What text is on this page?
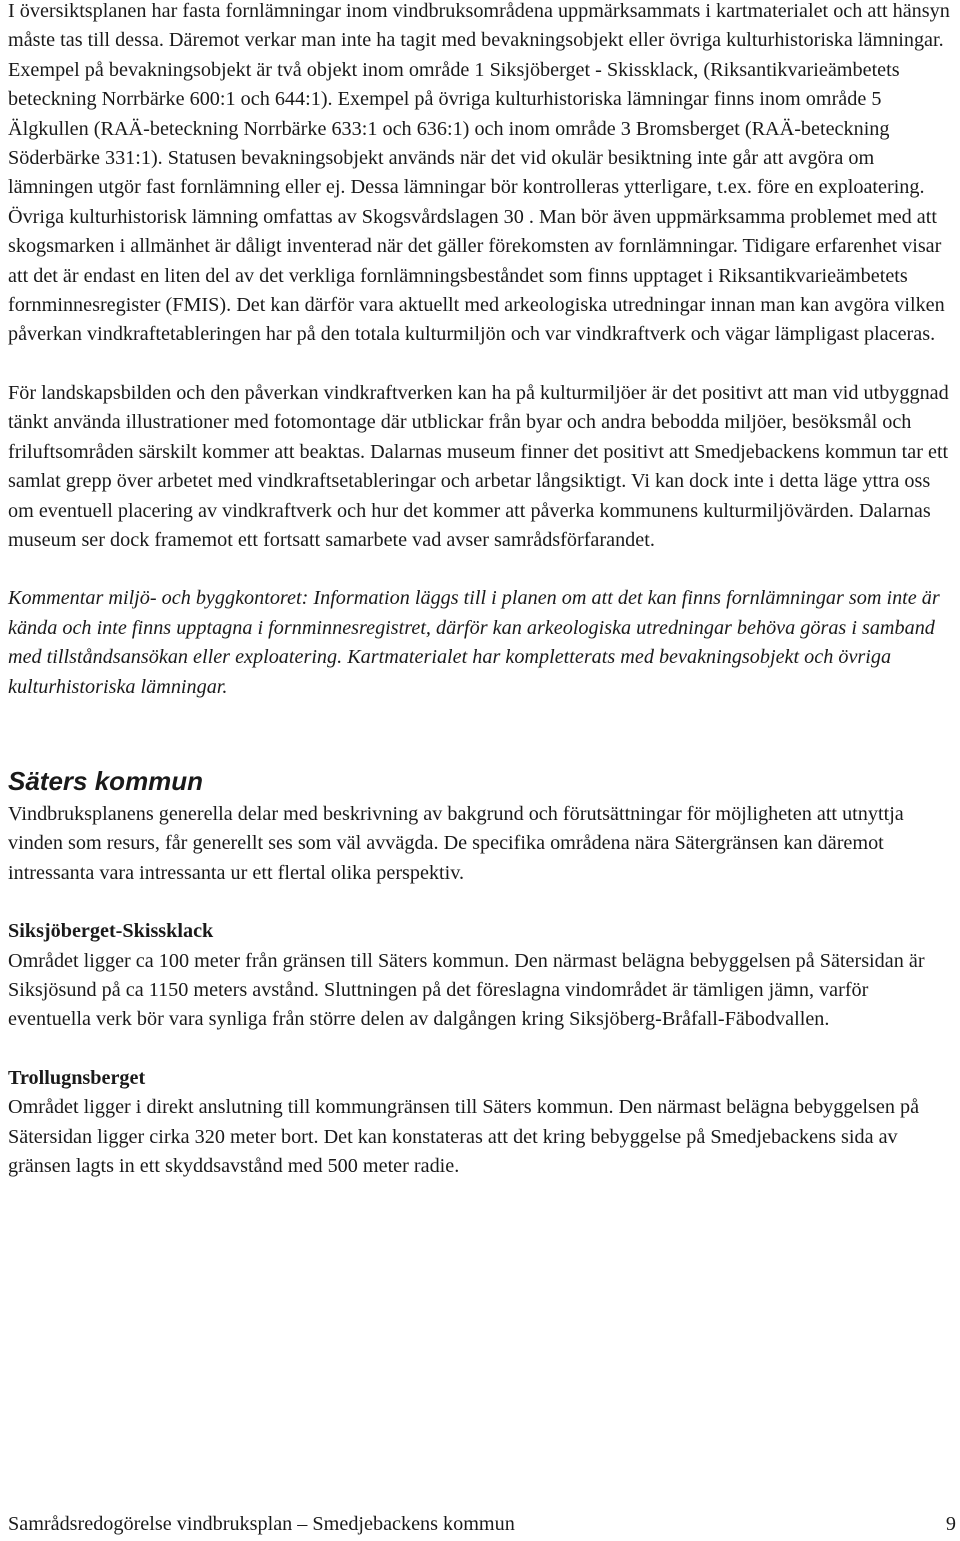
I översiktsplanen har fasta fornlämningar inom vindbruksområdena uppmärksammats i kartmaterialet och att hänsyn måste tas till dessa. Däremot verkar man inte ha tagit med bevakningsobjekt eller övriga kulturhistoriska lämningar. Exempel på bevakningsobjekt är två objekt inom område 1 Siksjöberget - Skissklack, (Riksantikvarieämbetets beteckning Norrbärke 600:1 och 644:1). Exempel på övriga kulturhistoriska lämningar finns inom område 5 Älgkullen (RAÄ-beteckning Norrbärke 633:1 och 636:1) och inom område 3 Bromsberget (RAÄ-beteckning Söderbärke 331:1). Statusen bevakningsobjekt används när det vid okulär besiktning inte går att avgöra om lämningen utgör fast fornlämning eller ej. Dessa lämningar bör kontrolleras ytterligare, t.ex. före en exploatering. Övriga kulturhistorisk lämning omfattas av Skogsvårdslagen 30 . Man bör även uppmärksamma problemet med att skogsmarken i allmänhet är dåligt inventerad när det gäller förekomsten av fornlämningar. Tidigare erfarenhet visar att det är endast en liten del av det verkliga fornlämningsbeståndet som finns upptaget i Riksantikvarieämbetets fornminnesregister (FMIS). Det kan därför vara aktuellt med arkeologiska utredningar innan man kan avgöra vilken påverkan vindkraftetableringen har på den totala kulturmiljön och var vindkraftverk och vägar lämpligast placeras.

För landskapsbilden och den påverkan vindkraftverken kan ha på kulturmiljöer är det positivt att man vid utbyggnad tänkt använda illustrationer med fotomontage där utblickar från byar och andra bebodda miljöer, besöksmål och friluftsområden särskilt kommer att beaktas. Dalarnas museum finner det positivt att Smedjebackens kommun tar ett samlat grepp över arbetet med vindkraftsetableringar och arbetar långsiktigt. Vi kan dock inte i detta läge yttra oss om eventuell placering av vindkraftverk och hur det kommer att påverka kommunens kulturmiljövärden. Dalarnas museum ser dock framemot ett fortsatt samarbete vad avser samrådsförfarandet.

Kommentar miljö- och byggkontoret: Information läggs till i planen om att det kan finns fornlämningar som inte är kända och inte finns upptagna i fornminnesregistret, därför kan arkeologiska utredningar behöva göras i samband med tillståndsansökan eller exploatering. Kartmaterialet har kompletterats med bevakningsobjekt och övriga kulturhistoriska lämningar.

Säters kommun

Vindbruksplanens generella delar med beskrivning av bakgrund och förutsättningar för möjligheten att utnyttja vinden som resurs, får generellt ses som väl avvägda. De specifika områdena nära Sätergränsen kan däremot intressanta vara intressanta ur ett flertal olika perspektiv.

Siksjöberget-Skissklack

Området ligger ca 100 meter från gränsen till Säters kommun. Den närmast belägna bebyggelsen på Sätersidan är Siksjösund på ca 1150 meters avstånd. Sluttningen på det föreslagna vindområdet är tämligen jämn, varför eventuella verk bör vara synliga från större delen av dalgången kring Siksjöberg-Bråfall-Fäbodvallen.

Trollugnsberget

Området ligger i direkt anslutning till kommungränsen till Säters kommun. Den närmast belägna bebyggelsen på Sätersidan ligger cirka 320 meter bort. Det kan konstateras att det kring bebyggelse på Smedjebackens sida av gränsen lagts in ett skyddsavstånd med 500 meter radie.

Samrådsredogörelse vindbruksplan – Smedjebackens kommun	9
